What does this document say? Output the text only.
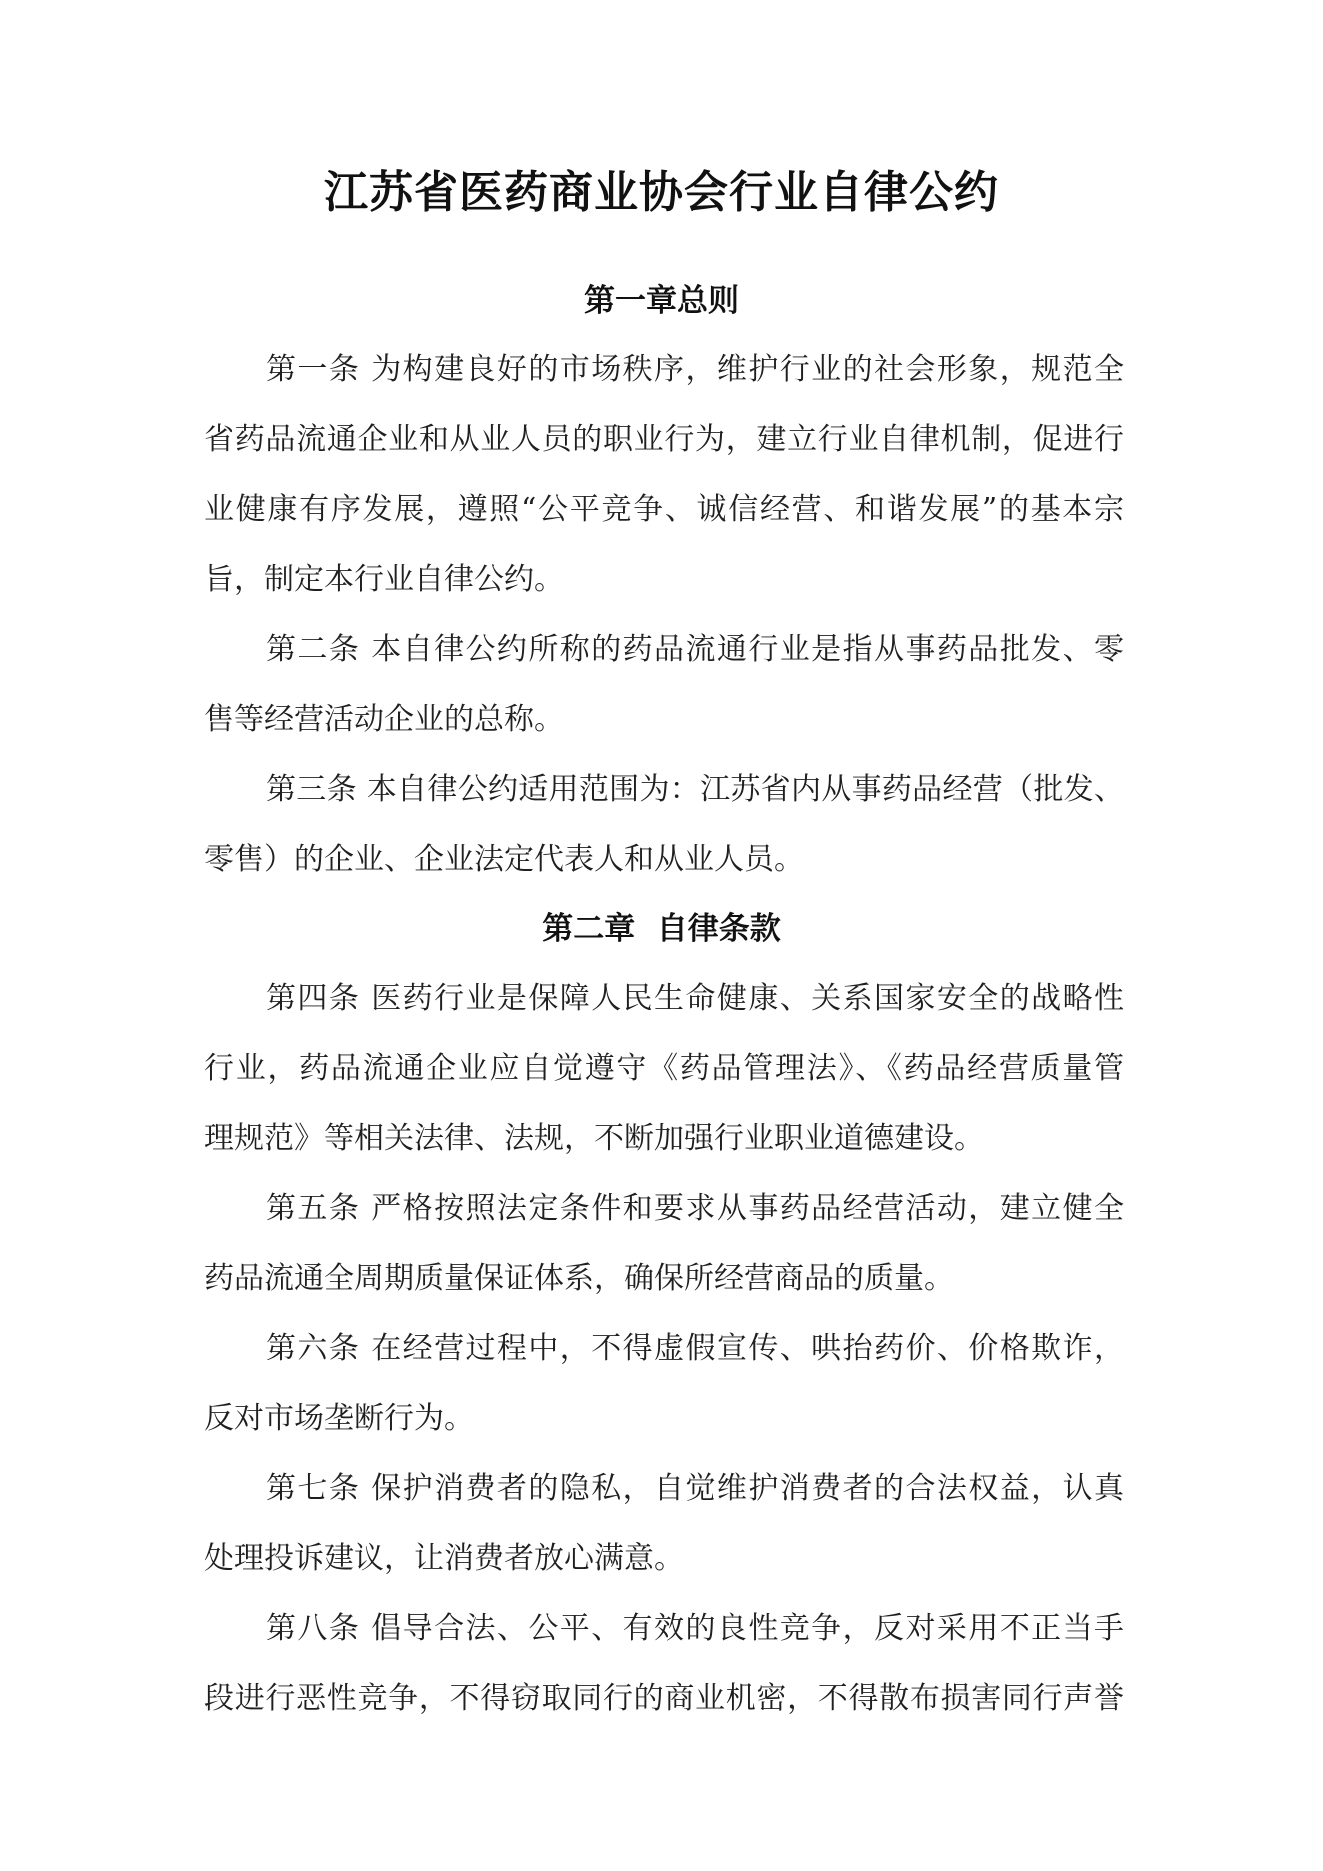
江苏省医药商业协会行业自律公约
第一章总则

第一条 为构建良好的市场秩序，维护行业的社会形象，规范全

省药品流通企业和从业人员的职业行为，建立行业自律机制，促进行

业健康有序发展，遵照“公平竞争、诚信经营、和谐发展”的基本宗

旨，制定本行业自律公约。

第二条 本自律公约所称的药品流通行业是指从事药品批发、零

售等经营活动企业的总称。

第三条 本自律公约适用范围为：江苏省内从事药品经营（批发、

零售）的企业、企业法定代表人和从业人员。

第二章  自律条款

第四条 医药行业是保障人民生命健康、关系国家安全的战略性

行业，药品流通企业应自觉遵守《药品管理法》、《药品经营质量管

理规范》等相关法律、法规，不断加强行业职业道德建设。

第五条 严格按照法定条件和要求从事药品经营活动，建立健全

药品流通全周期质量保证体系，确保所经营商品的质量。

第六条 在经营过程中，不得虚假宣传、哄抬药价、价格欺诈，

反对市场垄断行为。

第七条 保护消费者的隐私，自觉维护消费者的合法权益，认真

处理投诉建议，让消费者放心满意。

第八条 倡导合法、公平、有效的良性竞争，反对采用不正当手

段进行恶性竞争，不得窃取同行的商业机密，不得散布损害同行声誉
